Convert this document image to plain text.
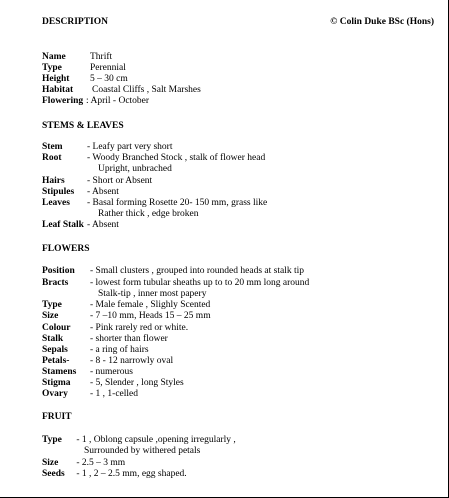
DESCRIPTION	© Colin Duke BSc (Hons)
Name	Thrift
Type	Perennial
Height 5 – 30 cm
Habitat Coastal Cliffs , Salt Marshes
Flowering : April - October
STEMS & LEAVES
Stem	- Leafy part very short
Root	- Woody Branched Stock , stalk of flower head
Upright, unbrached
Hairs - Short or Absent
Stipules - Absent
Leaves - Basal forming Rosette 20- 150 mm, grass like
Rather thick , edge broken
Leaf Stalk - Absent
FLOWERS
Position - Small clusters , grouped into rounded heads at stalk tip
Bracts - lowest form tubular sheaths up to to 20 mm long around
Stalk-tip , inner most papery
Type	- Male female , Slighly Scented
Size	- 7 –10 mm, Heads 15 – 25 mm
Colour - Pink rarely red or white.
Stalk	- shorter than flower
Sepals - a ring of hairs
Petals- - 8 - 12 narrowly oval
Stamens - numerous
Stigma - 5, Slender , long Styles
Ovary - 1 , 1-celled
FRUIT
Type - 1 , Oblong capsule ,opening irregularly ,
Surrounded by withered petals
Size - 2.5 – 3 mm
Seeds - 1 , 2 – 2.5 mm, egg shaped.
